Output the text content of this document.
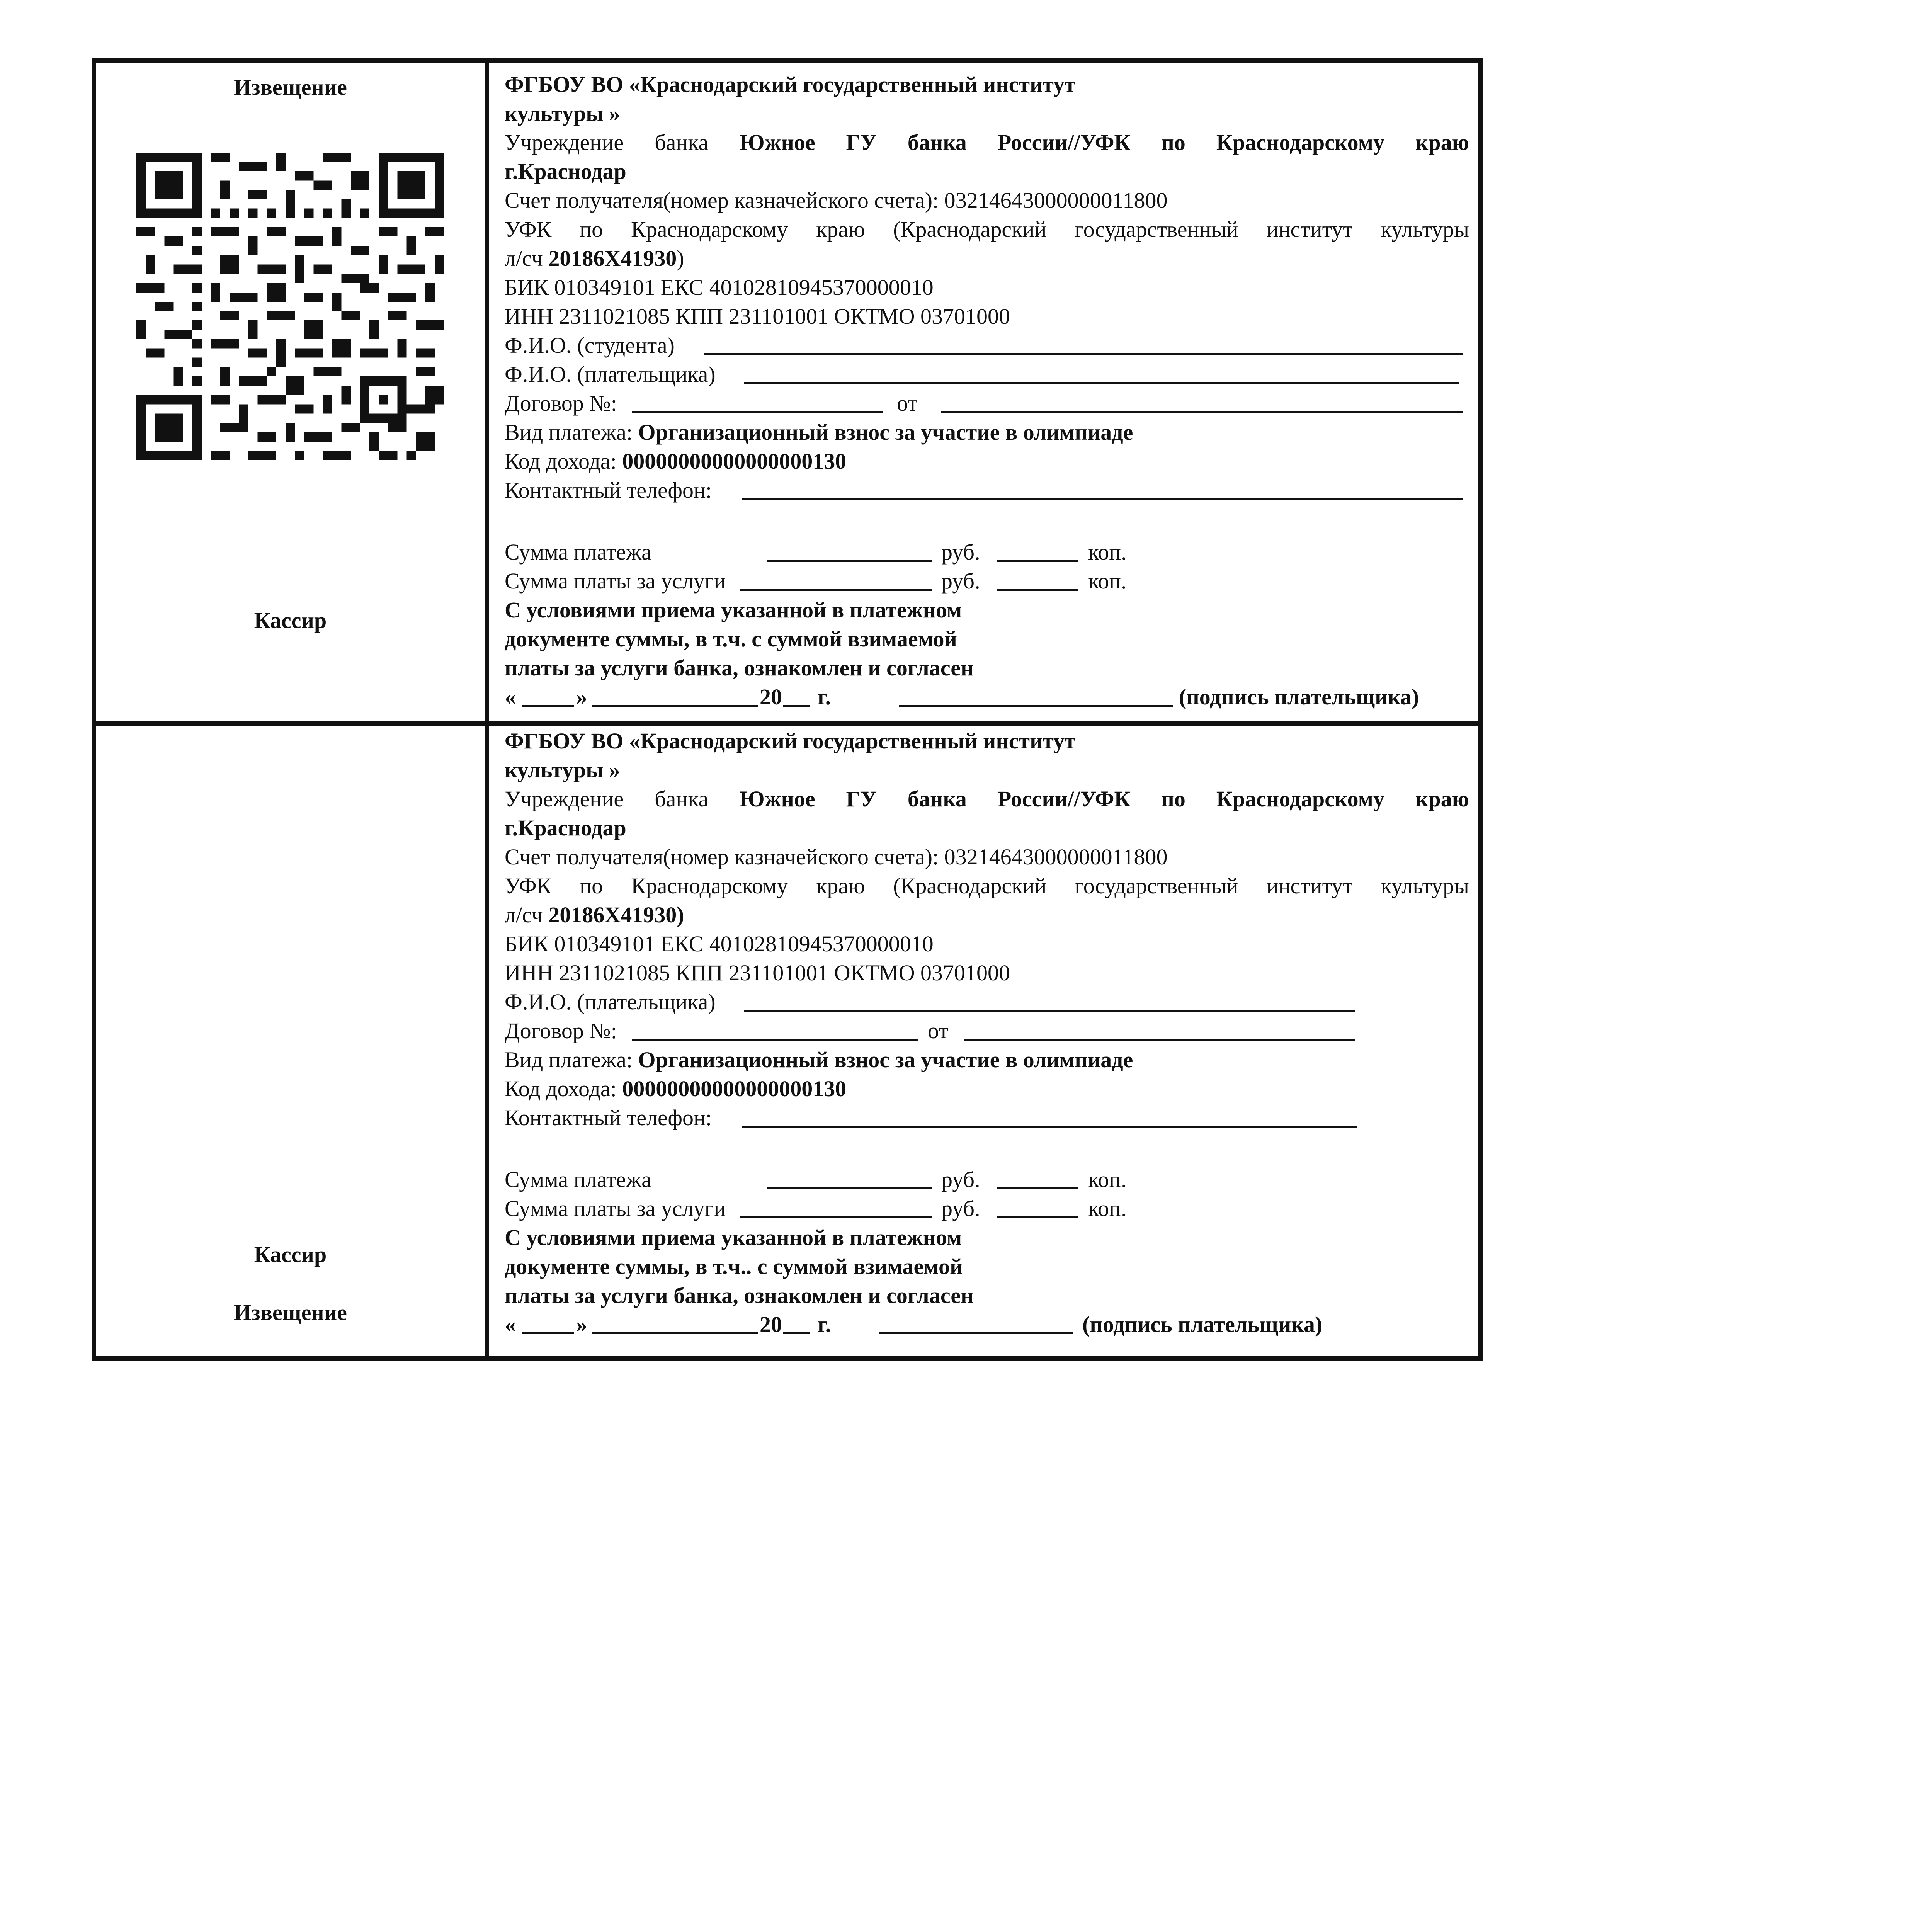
Извещение
Кассир
ФГБОУ ВО «Краснодарский государственный институт
культуры »
Учреждение банка Южное ГУ банка России//УФК по Краснодарскому краю
г.Краснодар
Счет получателя(номер казначейского счета): 03214643000000011800
УФК по Краснодарскому краю (Краснодарский государственный институт культуры
л/сч 20186X41930)
БИК 010349101 ЕКС 40102810945370000010
ИНН 2311021085 КПП 231101001 ОКТМО 03701000
Ф.И.О. (студента)
Ф.И.О. (плательщика)
Договор №:	от
Вид платежа: Организационный взнос за участие в олимпиаде
Код дохода: 00000000000000000130
Контактный телефон:
Сумма платежа	руб.	коп.
Сумма платы за услуги	руб.	коп.
С условиями приема указанной в платежном
документе суммы, в т.ч. с суммой взимаемой
платы за услуги банка, ознакомлен и согласен
«	»	20 г.	(подпись плательщика)
Кассир
Извещение
ФГБОУ ВО «Краснодарский государственный институт
культуры »
Учреждение банка Южное ГУ банка России//УФК по Краснодарскому краю
г.Краснодар
Счет получателя(номер казначейского счета): 03214643000000011800
УФК по Краснодарскому краю (Краснодарский государственный институт культуры
л/сч 20186X41930)
БИК 010349101 ЕКС 40102810945370000010
ИНН 2311021085 КПП 231101001 ОКТМО 03701000
Ф.И.О. (плательщика)
Договор №:	от
Вид платежа: Организационный взнос за участие в олимпиаде
Код дохода: 00000000000000000130
Контактный телефон:
Сумма платежа	руб.	коп.
Сумма платы за услуги	руб.	коп.
С условиями приема указанной в платежном
документе суммы, в т.ч.. с суммой взимаемой
платы за услуги банка, ознакомлен и согласен
«	»	20 г.	(подпись плательщика)
